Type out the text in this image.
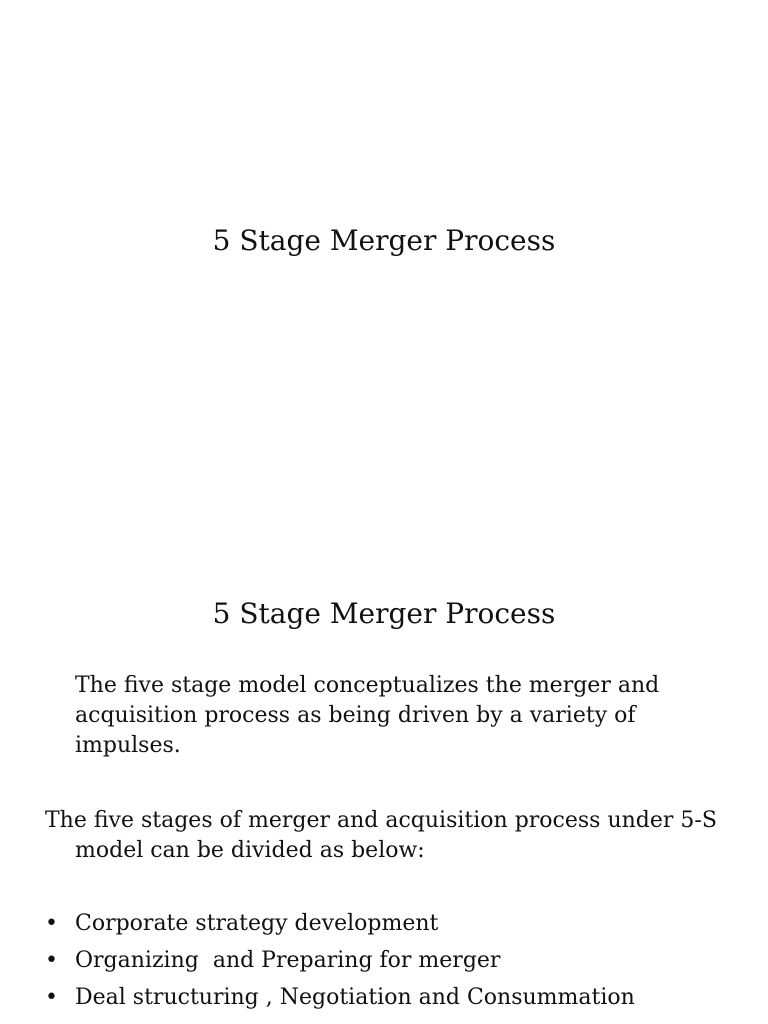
5 Stage Merger Process
5 Stage Merger Process
The five stage model conceptualizes the merger and acquisition process as being driven by a variety of impulses.
The five stages of merger and acquisition process under 5-S model can be divided as below:
• Corporate strategy development
• Organizing  and Preparing for merger
• Deal structuring , Negotiation and Consummation
